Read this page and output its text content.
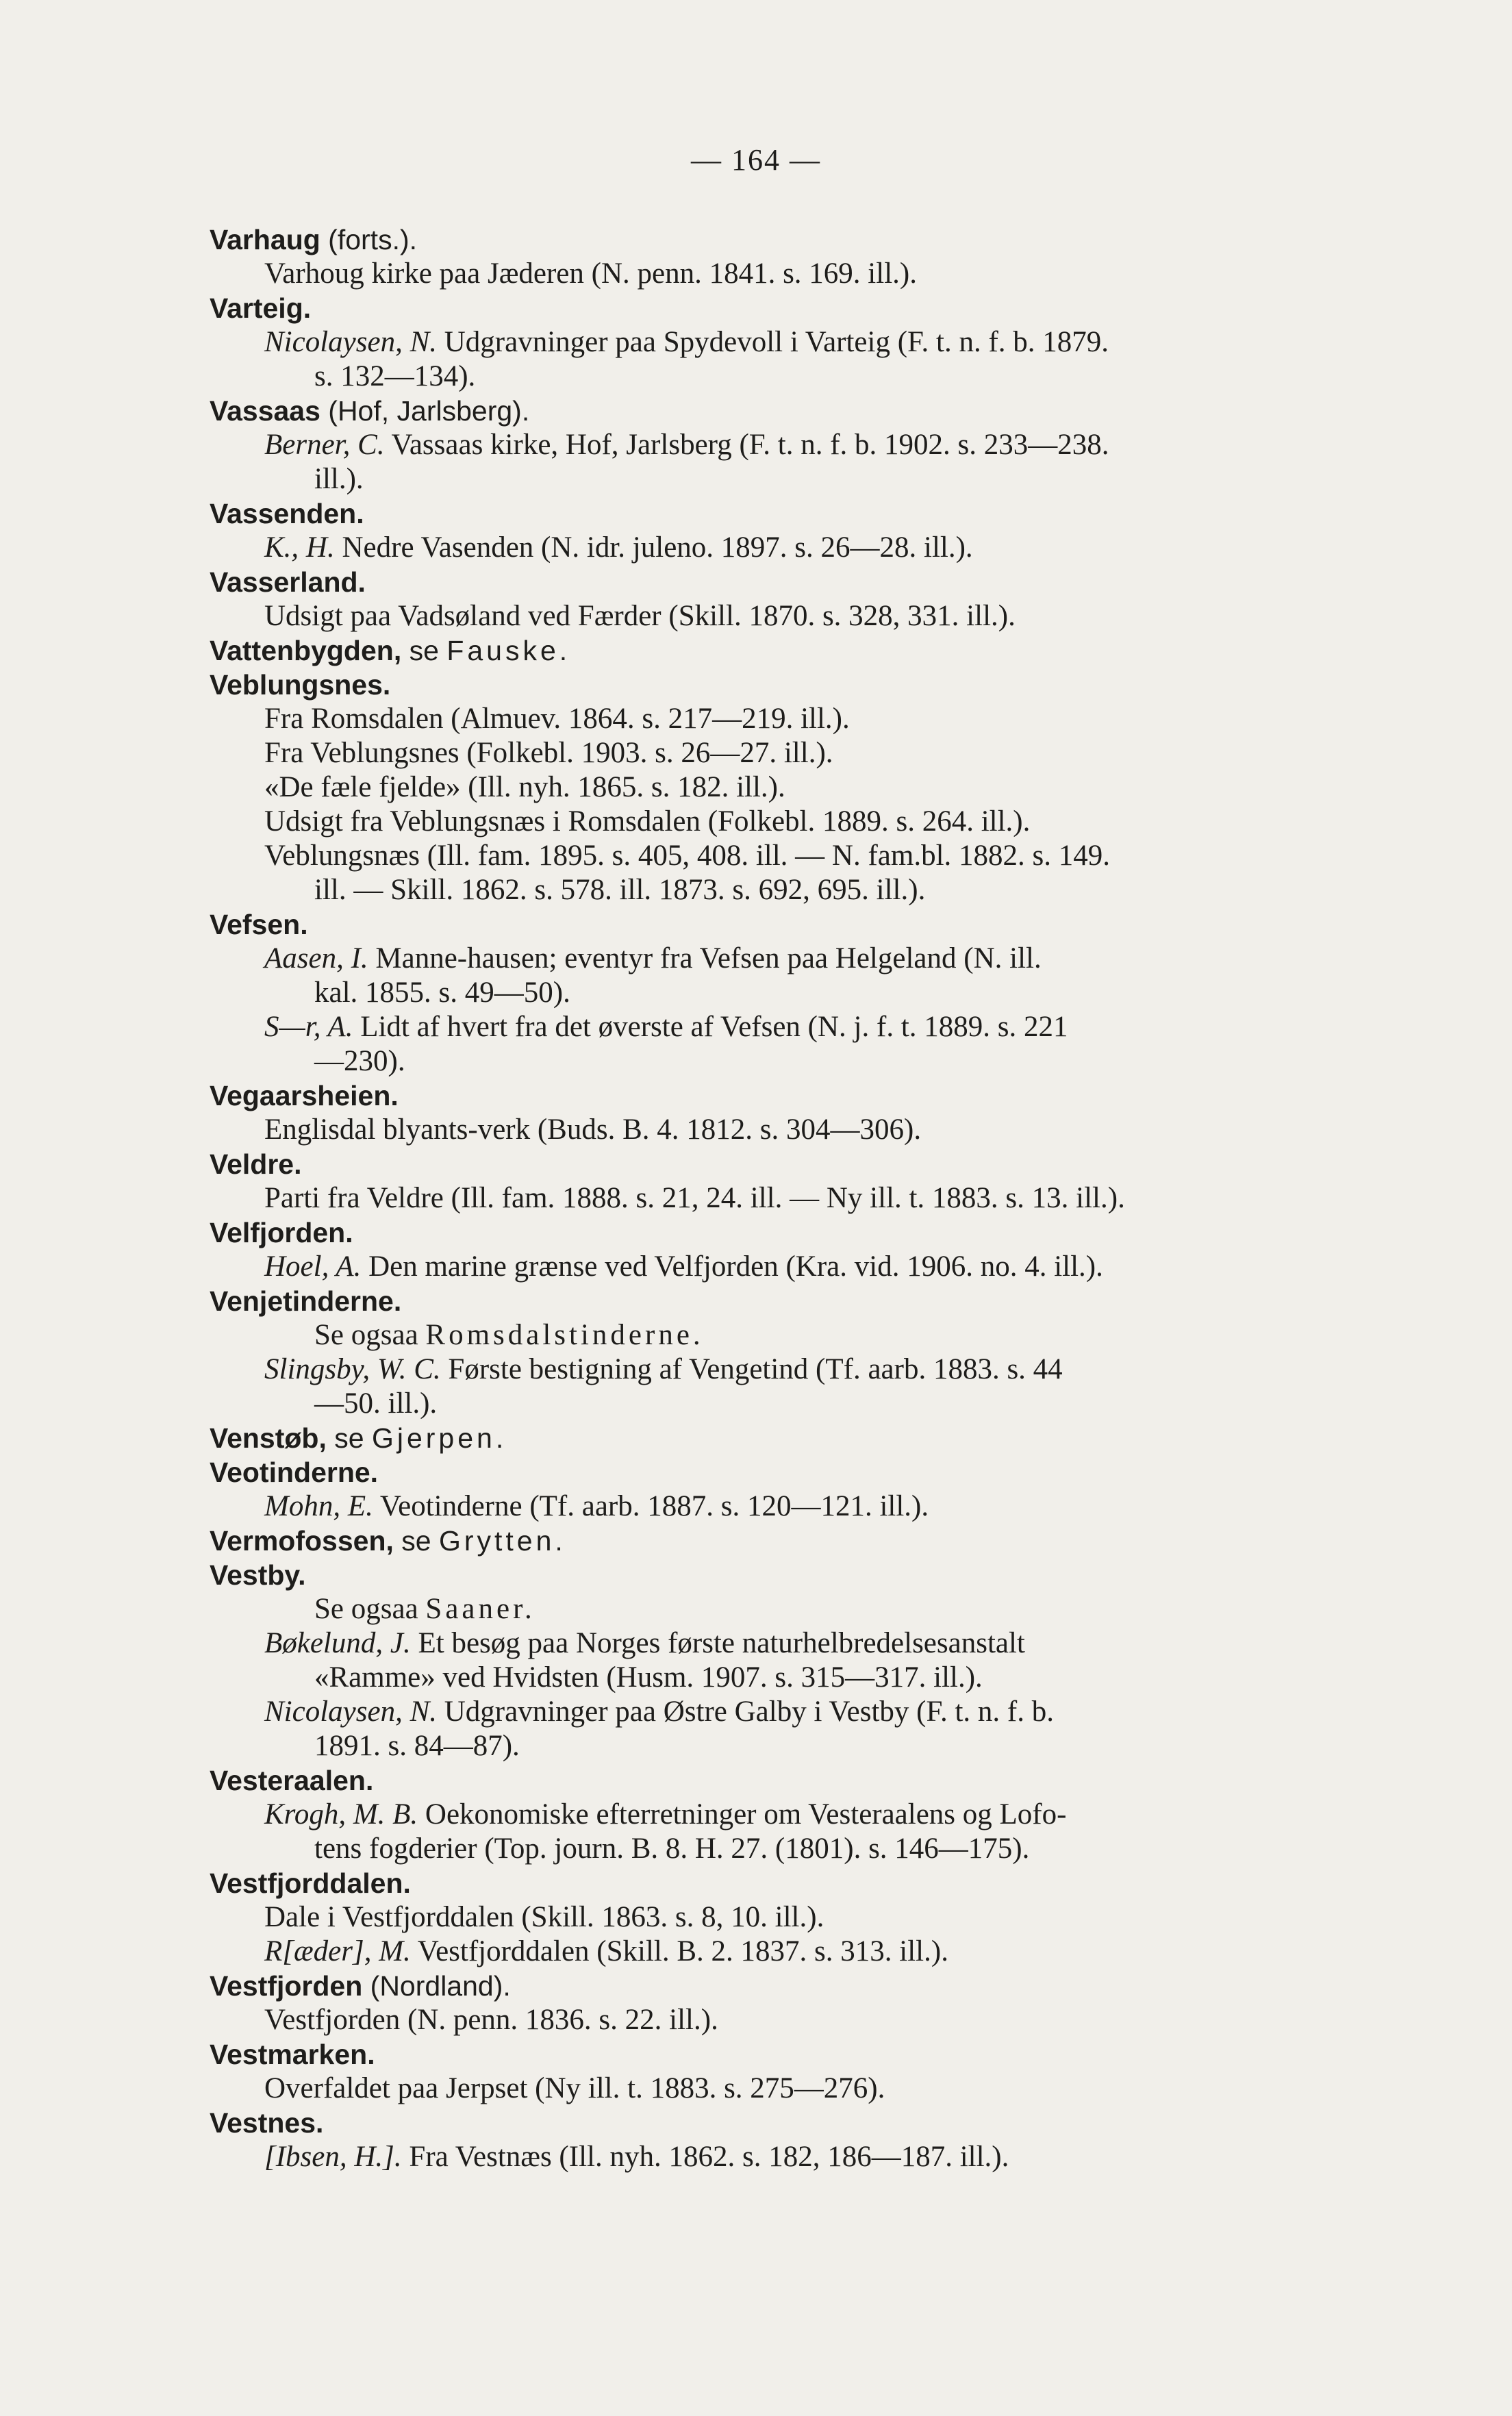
— 164 —
Varhaug (forts.).
Varhoug kirke paa Jæderen (N. penn. 1841. s. 169. ill.).
Varteig.
Nicolaysen, N. Udgravninger paa Spydevoll i Varteig (F. t. n. f. b. 1879.
s. 132—134).
Vassaas (Hof, Jarlsberg).
Berner, C. Vassaas kirke, Hof, Jarlsberg (F. t. n. f. b. 1902. s. 233—238.
ill.).
Vassenden.
K., H. Nedre Vasenden (N. idr. juleno. 1897. s. 26—28. ill.).
Vasserland.
Udsigt paa Vadsøland ved Færder (Skill. 1870. s. 328, 331. ill.).
Vattenbygden, se Fauske.
Veblungsnes.
Fra Romsdalen (Almuev. 1864. s. 217—219. ill.).
Fra Veblungsnes (Folkebl. 1903. s. 26—27. ill.).
«De fæle fjelde» (Ill. nyh. 1865. s. 182. ill.).
Udsigt fra Veblungsnæs i Romsdalen (Folkebl. 1889. s. 264. ill.).
Veblungsnæs (Ill. fam. 1895. s. 405, 408. ill. — N. fam.bl. 1882. s. 149.
ill. — Skill. 1862. s. 578. ill. 1873. s. 692, 695. ill.).
Vefsen.
Aasen, I. Manne-hausen; eventyr fra Vefsen paa Helgeland (N. ill.
kal. 1855. s. 49—50).
S—r, A. Lidt af hvert fra det øverste af Vefsen (N. j. f. t. 1889. s. 221
—230).
Vegaarsheien.
Englisdal blyants-verk (Buds. B. 4. 1812. s. 304—306).
Veldre.
Parti fra Veldre (Ill. fam. 1888. s. 21, 24. ill. — Ny ill. t. 1883. s. 13. ill.).
Velfjorden.
Hoel, A. Den marine grænse ved Velfjorden (Kra. vid. 1906. no. 4. ill.).
Venjetinderne.
Se ogsaa Romsdalstinderne.
Slingsby, W. C. Første bestigning af Vengetind (Tf. aarb. 1883. s. 44
—50. ill.).
Venstøb, se Gjerpen.
Veotinderne.
Mohn, E. Veotinderne (Tf. aarb. 1887. s. 120—121. ill.).
Vermofossen, se Grytten.
Vestby.
Se ogsaa Saaner.
Bøkelund, J. Et besøg paa Norges første naturhelbredelsesanstalt
«Ramme» ved Hvidsten (Husm. 1907. s. 315—317. ill.).
Nicolaysen, N. Udgravninger paa Østre Galby i Vestby (F. t. n. f. b.
1891. s. 84—87).
Vesteraalen.
Krogh, M. B. Oekonomiske efterretninger om Vesteraalens og Lofo-
tens fogderier (Top. journ. B. 8. H. 27. (1801). s. 146—175).
Vestfjorddalen.
Dale i Vestfjorddalen (Skill. 1863. s. 8, 10. ill.).
R[æder], M. Vestfjorddalen (Skill. B. 2. 1837. s. 313. ill.).
Vestfjorden (Nordland).
Vestfjorden (N. penn. 1836. s. 22. ill.).
Vestmarken.
Overfaldet paa Jerpset (Ny ill. t. 1883. s. 275—276).
Vestnes.
[Ibsen, H.]. Fra Vestnæs (Ill. nyh. 1862. s. 182, 186—187. ill.).
